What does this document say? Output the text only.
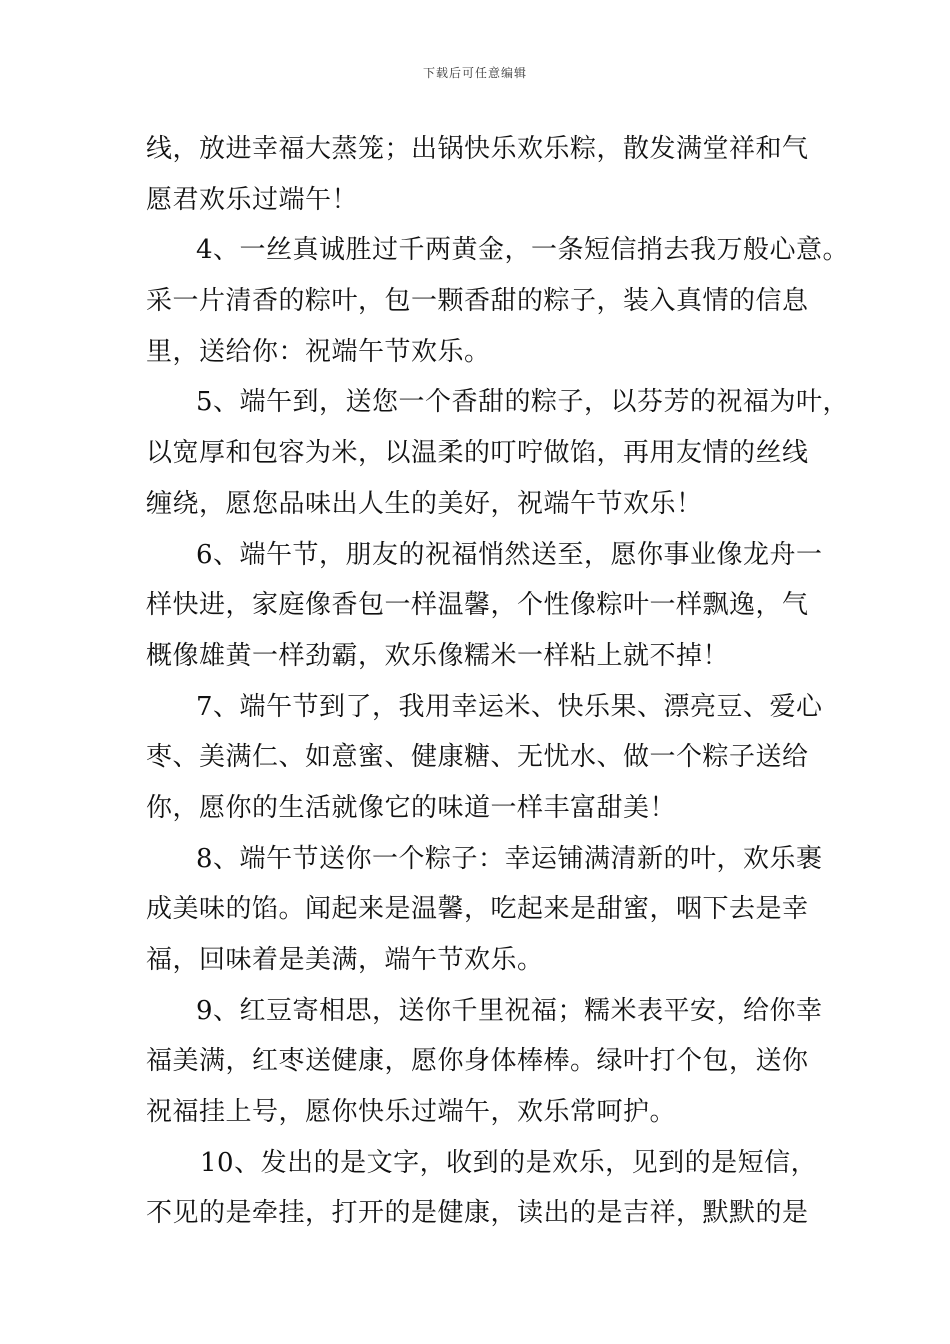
下载后可任意编辑
线，放进幸福大蒸笼；出锅快乐欢乐粽，散发满堂祥和气
愿君欢乐过端午！
4、一丝真诚胜过千两黄金，一条短信捎去我万般心意。
采一片清香的粽叶，包一颗香甜的粽子，装入真情的信息
里，送给你：祝端午节欢乐。
5、端午到，送您一个香甜的粽子，以芬芳的祝福为叶，
以宽厚和包容为米，以温柔的叮咛做馅，再用友情的丝线
缠绕，愿您品味出人生的美好，祝端午节欢乐！
6、端午节，朋友的祝福悄然送至，愿你事业像龙舟一
样快进，家庭像香包一样温馨，个性像粽叶一样飘逸，气
概像雄黄一样劲霸，欢乐像糯米一样粘上就不掉！
7、端午节到了，我用幸运米、快乐果、漂亮豆、爱心
枣、美满仁、如意蜜、健康糖、无忧水、做一个粽子送给
你，愿你的生活就像它的味道一样丰富甜美！
8、端午节送你一个粽子：幸运铺满清新的叶，欢乐裹
成美味的馅。闻起来是温馨，吃起来是甜蜜，咽下去是幸
福，回味着是美满，端午节欢乐。
9、红豆寄相思，送你千里祝福；糯米表平安，给你幸
福美满，红枣送健康，愿你身体棒棒。绿叶打个包，送你
祝福挂上号，愿你快乐过端午，欢乐常呵护。
10、发出的是文字，收到的是欢乐，见到的是短信，
不见的是牵挂，打开的是健康，读出的是吉祥，默默的是
